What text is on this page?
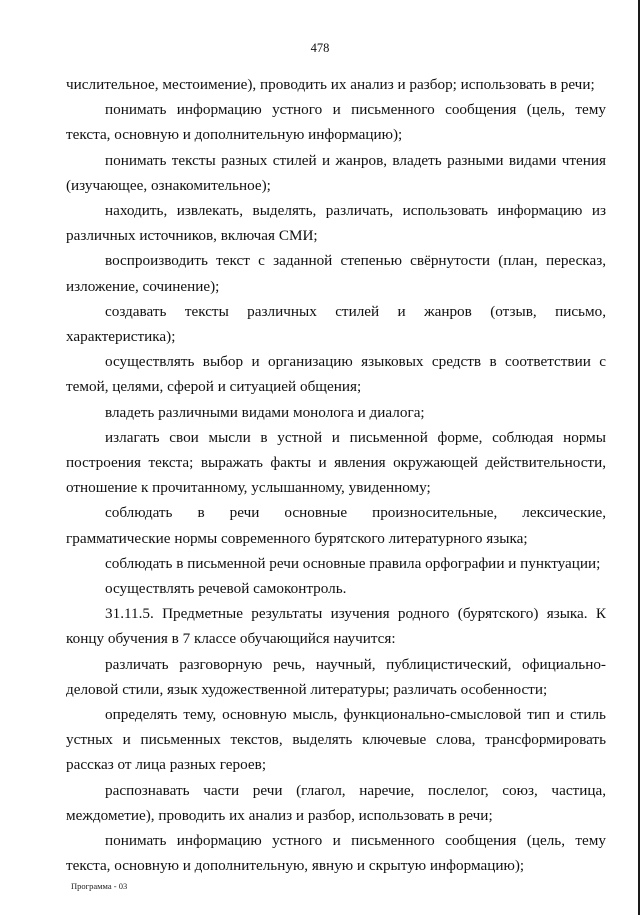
478

числительное, местоимение), проводить их анализ и разбор; использовать в речи;

понимать информацию устного и письменного сообщения (цель, тему текста, основную и дополнительную информацию);

понимать тексты разных стилей и жанров, владеть разными видами чтения (изучающее, ознакомительное);

находить, извлекать, выделять, различать, использовать информацию из различных источников, включая СМИ;

воспроизводить текст с заданной степенью свёрнутости (план, пересказ, изложение, сочинение);

создавать тексты различных стилей и жанров (отзыв, письмо, характеристика);

осуществлять выбор и организацию языковых средств в соответствии с темой, целями, сферой и ситуацией общения;

владеть различными видами монолога и диалога;

излагать свои мысли в устной и письменной форме, соблюдая нормы построения текста; выражать факты и явления окружающей действительности, отношение к прочитанному, услышанному, увиденному;

соблюдать в речи основные произносительные, лексические, грамматические нормы современного бурятского литературного языка;

соблюдать в письменной речи основные правила орфографии и пунктуации;

осуществлять речевой самоконтроль.

31.11.5. Предметные результаты изучения родного (бурятского) языка. К концу обучения в 7 классе обучающийся научится:

различать разговорную речь, научный, публицистический, официально-деловой стили, язык художественной литературы; различать особенности;

определять тему, основную мысль, функционально-смысловой тип и стиль устных и письменных текстов, выделять ключевые слова, трансформировать рассказ от лица разных героев;

распознавать части речи (глагол, наречие, послелог, союз, частица, междометие), проводить их анализ и разбор, использовать в речи;

понимать информацию устного и письменного сообщения (цель, тему текста, основную и дополнительную, явную и скрытую информацию);

Программа - 03
